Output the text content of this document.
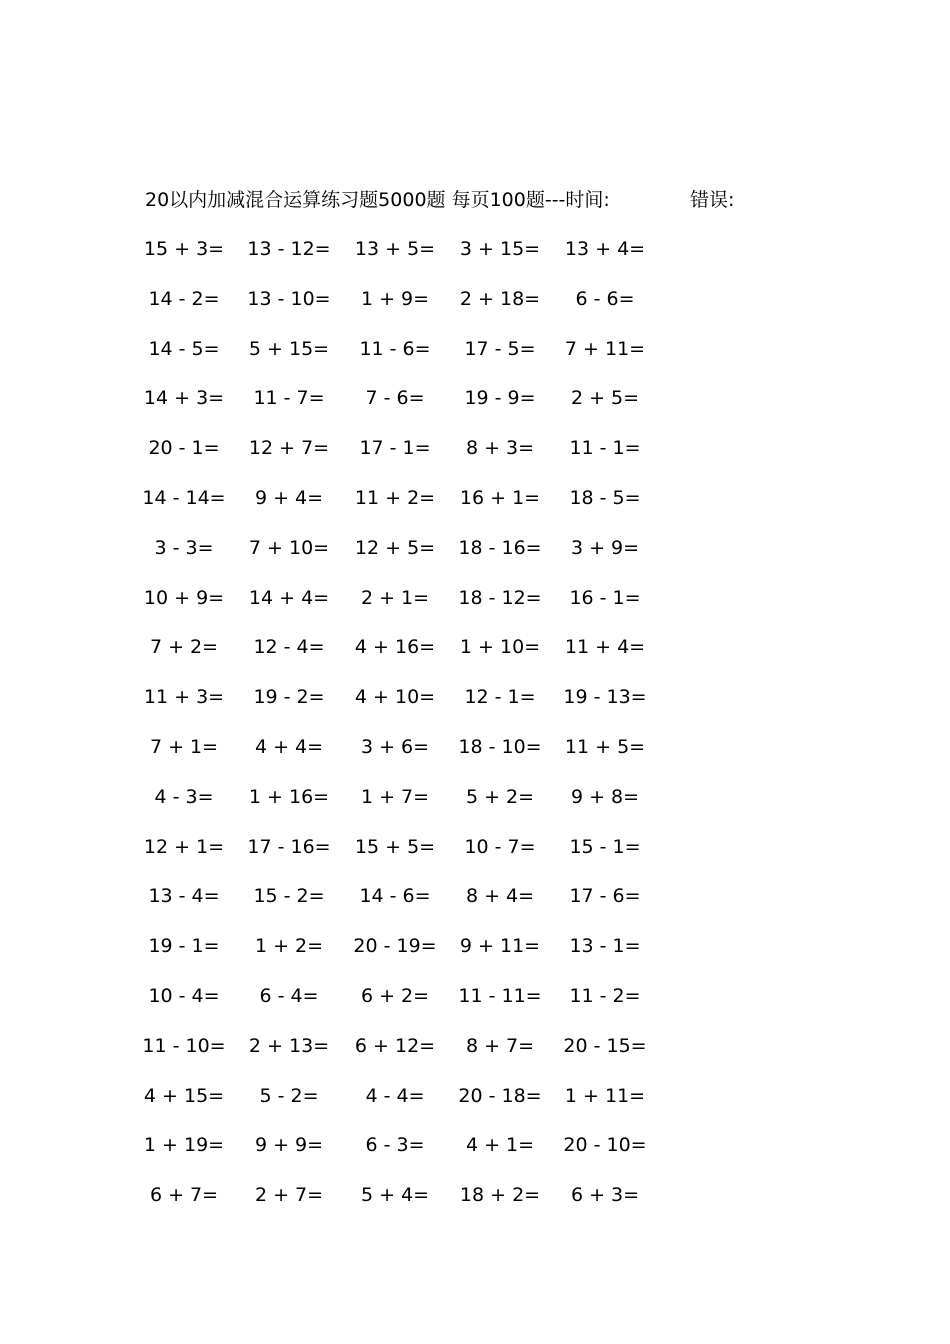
20以内加减混合运算练习题5000题 每页100题---时间:	错误:
15 + 3=	13 - 12=	13 + 5=	3 + 15=	13 + 4=
14 - 2=	13 - 10=	1 + 9=	2 + 18=	6 - 6=
14 - 5=	5 + 15=	11 - 6=	17 - 5=	7 + 11=
14 + 3=	11 - 7=	7 - 6=	19 - 9=	2 + 5=
20 - 1=	12 + 7=	17 - 1=	8 + 3=	11 - 1=
14 - 14=	9 + 4=	11 + 2=	16 + 1=	18 - 5=
3 - 3=	7 + 10=	12 + 5=	18 - 16=	3 + 9=
10 + 9=	14 + 4=	2 + 1=	18 - 12=	16 - 1=
7 + 2=	12 - 4=	4 + 16=	1 + 10=	11 + 4=
11 + 3=	19 - 2=	4 + 10=	12 - 1=	19 - 13=
7 + 1=	4 + 4=	3 + 6=	18 - 10=	11 + 5=
4 - 3=	1 + 16=	1 + 7=	5 + 2=	9 + 8=
12 + 1=	17 - 16=	15 + 5=	10 - 7=	15 - 1=
13 - 4=	15 - 2=	14 - 6=	8 + 4=	17 - 6=
19 - 1=	1 + 2=	20 - 19=	9 + 11=	13 - 1=
10 - 4=	6 - 4=	6 + 2=	11 - 11=	11 - 2=
11 - 10=	2 + 13=	6 + 12=	8 + 7=	20 - 15=
4 + 15=	5 - 2=	4 - 4=	20 - 18=	1 + 11=
1 + 19=	9 + 9=	6 - 3=	4 + 1=	20 - 10=
6 + 7=	2 + 7=	5 + 4=	18 + 2=	6 + 3=
